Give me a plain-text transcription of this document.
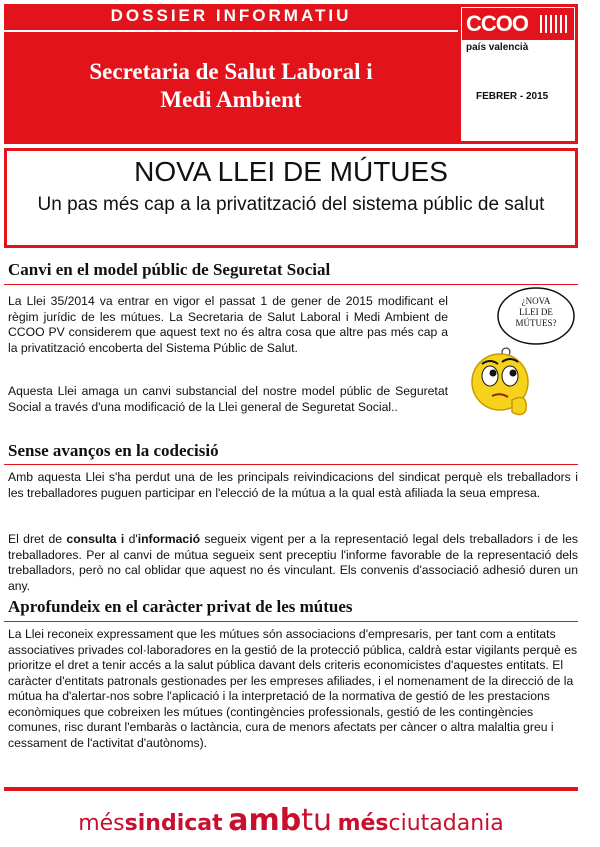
DOSSIER INFORMATIU
Secretaria de Salut Laboral i
Medi Ambient
CCOO
país valencià
FEBRER - 2015
NOVA LLEI DE MÚTUES
Un pas més cap a la privatització del sistema públic de salut
Canvi en el model públic de Seguretat Social
La Llei 35/2014 va entrar en vigor el passat 1 de gener de 2015 modificant el règim jurídic de les mútues. La Secretaria de Salut Laboral i Medi Ambient de CCOO PV considerem que aquest text no és altra cosa que altre pas més cap a la privatització encoberta del Sistema Públic de Salut.
Aquesta Llei amaga un canvi substancial del nostre model públic de Seguretat Social a través d'una modificació de la Llei general de Seguretat Social..
¿NOVA
LLEI DE
MÚTUES?
Sense avanços en la codecisió
Amb aquesta Llei s'ha perdut una de les principals reivindicacions del sindicat perquè els treballadors i les treballadores puguen participar en l'elecció de la mútua a la qual està afiliada la seua empresa.
El dret de consulta i d'informació segueix vigent per a la representació legal dels treballadors i de les treballadores. Per al canvi de mútua segueix sent preceptiu l'informe favorable de la representació dels treballadors, però no cal oblidar que aquest no és vinculant. Els convenis d'associació adhesió duren un any.
Aprofundeix en el caràcter privat de les mútues
La Llei reconeix expressament que les mútues són associacions d'empresaris, per tant com a entitats associatives privades col·laboradores en la gestió de la protecció pública, caldrà estar vigilants perquè es prioritze el dret a tenir accés a la salut pública davant dels criteris economicistes d'aquestes entitats. El caràcter d'entitats patronals gestionades per les empreses afiliades, i el nomenament de la direcció de la mútua ha d'alertar-nos sobre l'aplicació i la interpretació de la normativa de gestió de les prestacions econòmiques que cobreixen les mútues (contingències professionals, gestió de les contingències comunes, risc durant l'embaràs o lactància, cura de menors afectats per càncer o altra malaltia greu i cessament de l'activitat d'autònoms).
méssindicat ambtu mésciutadania
